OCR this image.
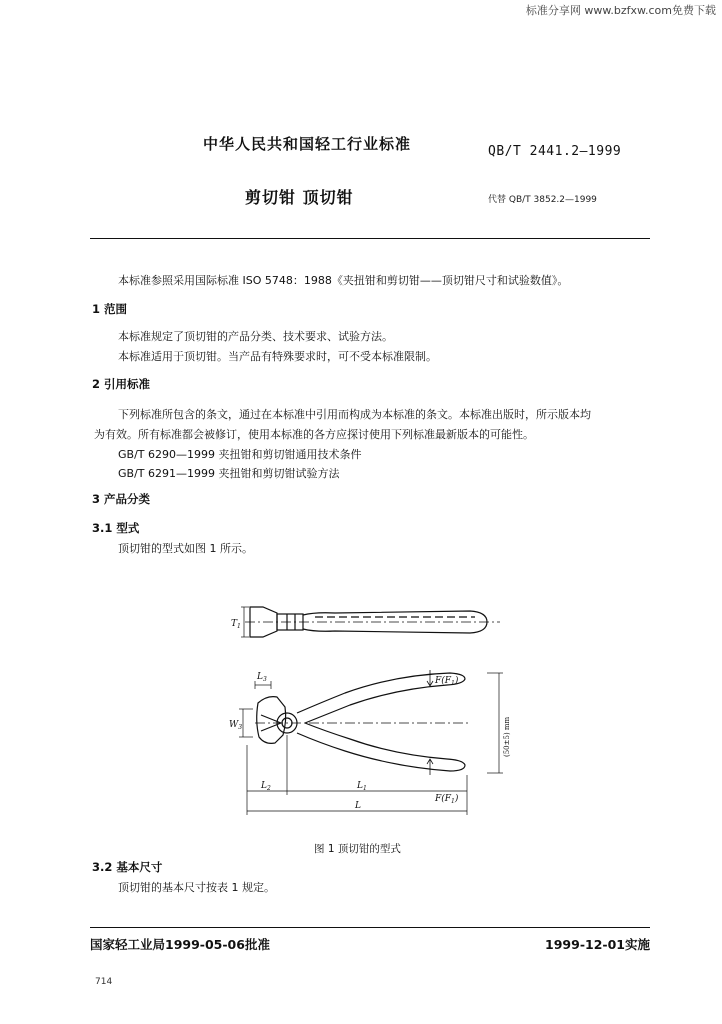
标准分享网 www.bzfxw.com免费下载
中华人民共和国轻工行业标准	QB/T 2441.2—1999
剪切钳 顶切钳	代替 QB/T 3852.2—1999
本标准参照采用国际标准 ISO 5748：1988《夹扭钳和剪切钳——顶切钳尺寸和试验数值》。
1 范围
本标准规定了顶切钳的产品分类、技术要求、试验方法。
本标准适用于顶切钳。当产品有特殊要求时，可不受本标准限制。
2 引用标准
下列标准所包含的条文，通过在本标准中引用而构成为本标准的条文。本标准出版时，所示版本均
为有效。所有标准都会被修订，使用本标准的各方应探讨使用下列标准最新版本的可能性。
GB/T 6290—1999 夹扭钳和剪切钳通用技术条件
GB/T 6291—1999 夹扭钳和剪切钳试验方法
3 产品分类
3.1 型式
顶切钳的型式如图 1 所示。
$T_1$
$L_3$
$W_3$
$F(F_1)$
$F(F_1)$
$L_2$	$L_1$
L
(50±5) mm
图 1 顶切钳的型式
3.2 基本尺寸
顶切钳的基本尺寸按表 1 规定。
国家轻工业局1999-05-06批准	1999-12-01实施
714
